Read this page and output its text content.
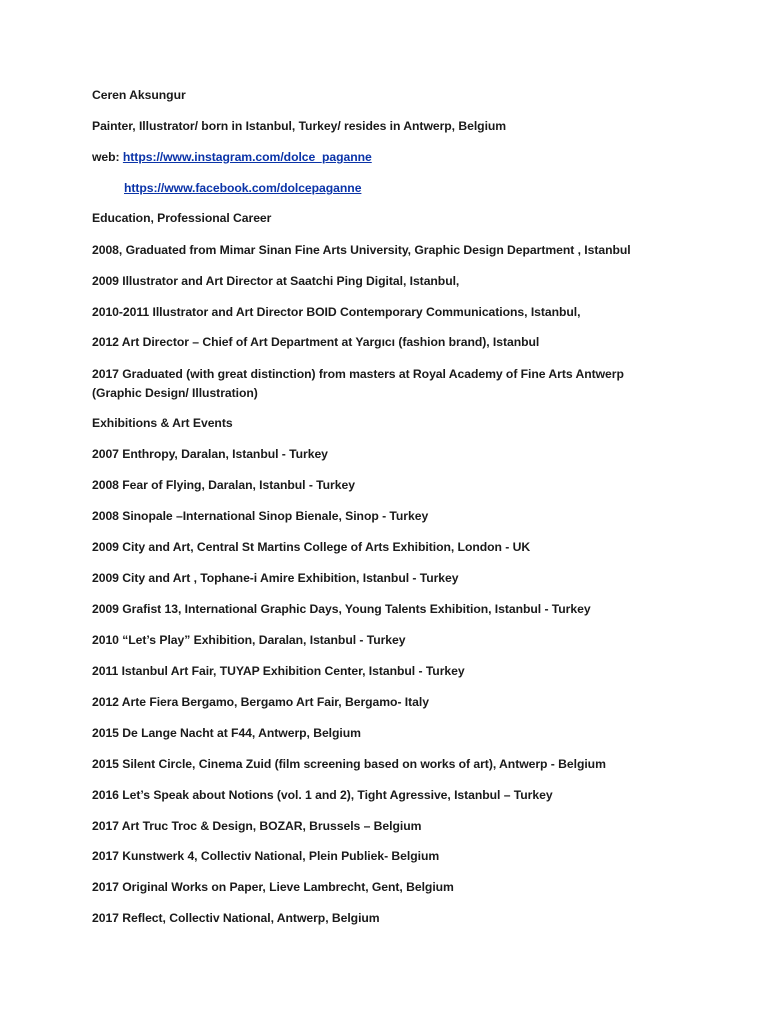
Ceren Aksungur
Painter, Illustrator/ born in Istanbul, Turkey/ resides in Antwerp, Belgium
web: https://www.instagram.com/dolce_paganne
https://www.facebook.com/dolcepaganne
Education, Professional Career
2008, Graduated from Mimar Sinan Fine Arts University, Graphic Design Department , Istanbul
2009 Illustrator and Art Director at Saatchi Ping Digital, Istanbul,
2010-2011 Illustrator and Art Director BOID Contemporary Communications, Istanbul,
2012 Art Director – Chief of Art Department at Yargıcı (fashion brand), Istanbul
2017 Graduated (with great distinction) from masters at Royal Academy of Fine Arts Antwerp
(Graphic Design/ Illustration)
Exhibitions & Art Events
2007 Enthropy, Daralan, Istanbul - Turkey
2008 Fear of Flying, Daralan, Istanbul - Turkey
2008 Sinopale –International Sinop Bienale, Sinop - Turkey
2009 City and Art, Central St Martins College of Arts Exhibition, London - UK
2009 City and Art , Tophane-i Amire Exhibition, Istanbul - Turkey
2009 Grafist 13, International Graphic Days, Young Talents Exhibition, Istanbul - Turkey
2010 “Let’s Play” Exhibition, Daralan, Istanbul - Turkey
2011 Istanbul Art Fair, TUYAP Exhibition Center, Istanbul - Turkey
2012 Arte Fiera Bergamo, Bergamo Art Fair, Bergamo- Italy
2015 De Lange Nacht at F44, Antwerp, Belgium
2015 Silent Circle, Cinema Zuid (film screening based on works of art), Antwerp - Belgium
2016 Let’s Speak about Notions (vol. 1 and 2), Tight Agressive, Istanbul – Turkey
2017 Art Truc Troc & Design, BOZAR, Brussels – Belgium
2017 Kunstwerk 4, Collectiv National, Plein Publiek- Belgium
2017 Original Works on Paper, Lieve Lambrecht, Gent, Belgium
2017 Reflect, Collectiv National, Antwerp, Belgium
